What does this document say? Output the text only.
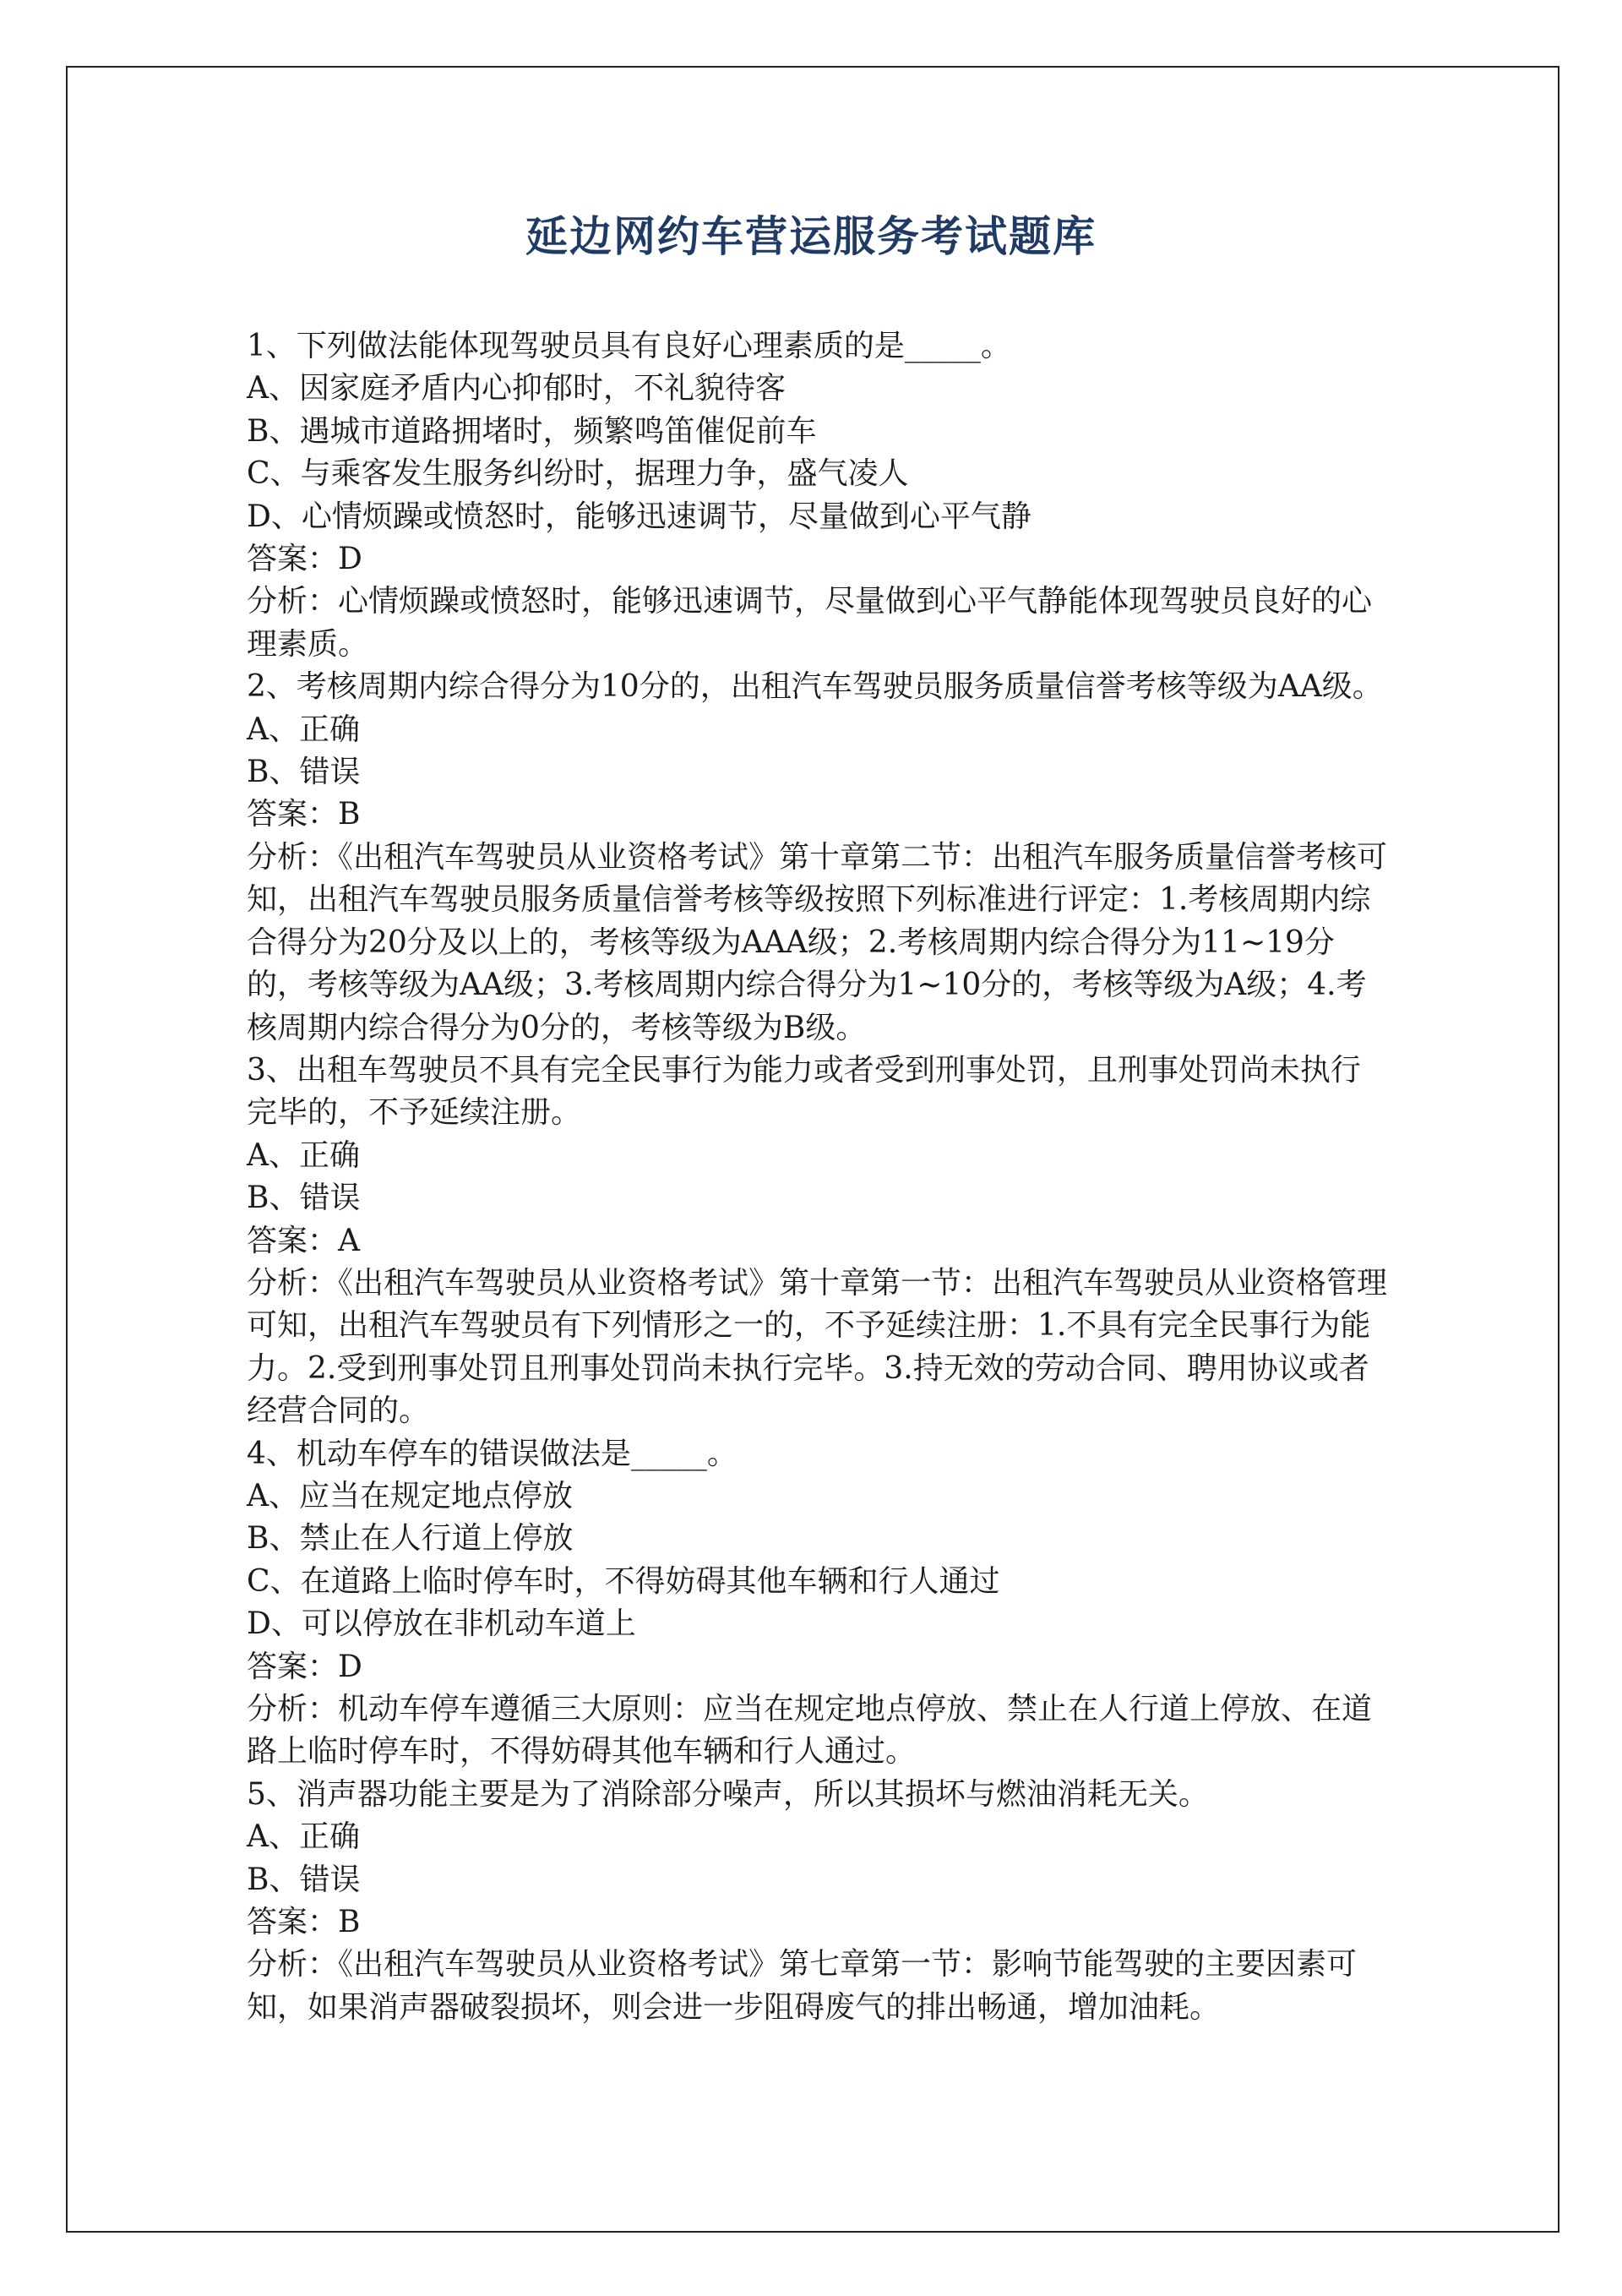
延边网约车营运服务考试题库

1、下列做法能体现驾驶员具有良好心理素质的是_____。

A、因家庭矛盾内心抑郁时，不礼貌待客

B、遇城市道路拥堵时，频繁鸣笛催促前车

C、与乘客发生服务纠纷时，据理力争，盛气凌人

D、心情烦躁或愤怒时，能够迅速调节，尽量做到心平气静

答案：D

分析：心情烦躁或愤怒时，能够迅速调节，尽量做到心平气静能体现驾驶员良好的心理素质。

2、考核周期内综合得分为10分的，出租汽车驾驶员服务质量信誉考核等级为AA级。

A、正确

B、错误

答案：B

分析：《出租汽车驾驶员从业资格考试》第十章第二节：出租汽车服务质量信誉考核可知，出租汽车驾驶员服务质量信誉考核等级按照下列标准进行评定：1.考核周期内综合得分为20分及以上的，考核等级为AAA级；2.考核周期内综合得分为11~19分的，考核等级为AA级；3.考核周期内综合得分为1~10分的，考核等级为A级；4.考核周期内综合得分为0分的，考核等级为B级。

3、出租车驾驶员不具有完全民事行为能力或者受到刑事处罚，且刑事处罚尚未执行完毕的，不予延续注册。

A、正确

B、错误

答案：A

分析：《出租汽车驾驶员从业资格考试》第十章第一节：出租汽车驾驶员从业资格管理可知，出租汽车驾驶员有下列情形之一的，不予延续注册：1.不具有完全民事行为能力。2.受到刑事处罚且刑事处罚尚未执行完毕。3.持无效的劳动合同、聘用协议或者经营合同的。

4、机动车停车的错误做法是_____。

A、应当在规定地点停放

B、禁止在人行道上停放

C、在道路上临时停车时，不得妨碍其他车辆和行人通过

D、可以停放在非机动车道上

答案：D

分析：机动车停车遵循三大原则：应当在规定地点停放、禁止在人行道上停放、在道路上临时停车时，不得妨碍其他车辆和行人通过。

5、消声器功能主要是为了消除部分噪声，所以其损坏与燃油消耗无关。

A、正确

B、错误

答案：B

分析：《出租汽车驾驶员从业资格考试》第七章第一节：影响节能驾驶的主要因素可知，如果消声器破裂损坏，则会进一步阻碍废气的排出畅通，增加油耗。
